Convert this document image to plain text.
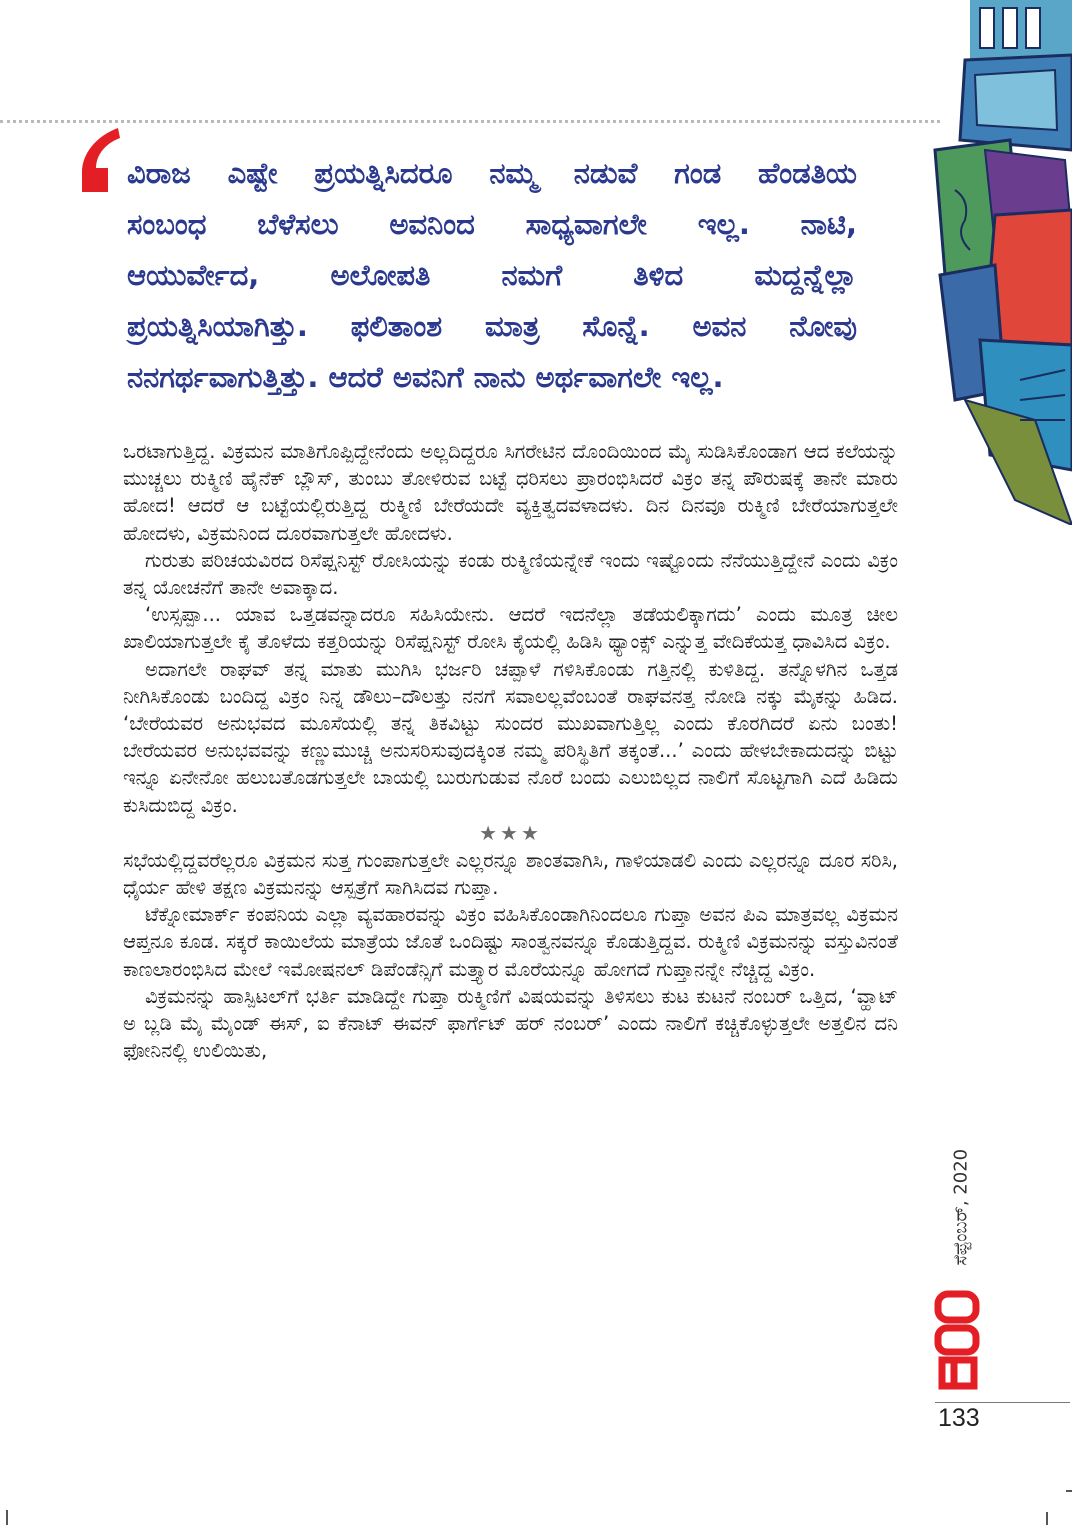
ವಿರಾಜ ಎಷ್ಟೇ ಪ್ರಯತ್ನಿಸಿದರೂ ನಮ್ಮ ನಡುವೆ ಗಂಡ ಹೆಂಡತಿಯ
ಸಂಬಂಧ ಬೆಳೆಸಲು ಅವನಿಂದ ಸಾಧ್ಯವಾಗಲೇ ಇಲ್ಲ. ನಾಟಿ,
ಆಯುರ್ವೇದ, ಅಲೋಪತಿ ನಮಗೆ ತಿಳಿದ ಮದ್ದನ್ನೆಲ್ಲಾ
ಪ್ರಯತ್ನಿಸಿಯಾಗಿತ್ತು. ಫಲಿತಾಂಶ ಮಾತ್ರ ಸೊನ್ನೆ. ಅವನ ನೋವು
ನನಗರ್ಥವಾಗುತ್ತಿತ್ತು. ಆದರೆ ಅವನಿಗೆ ನಾನು ಅರ್ಥವಾಗಲೇ ಇಲ್ಲ.

ಒರಟಾಗುತ್ತಿದ್ದ. ವಿಕ್ರಮನ ಮಾತಿಗೊಪ್ಪಿದ್ದೇನೆಂದು ಅಲ್ಲದಿದ್ದರೂ ಸಿಗರೇಟಿನ ದೊಂದಿಯಿಂದ ಮೈ ಸುಡಿಸಿಕೊಂಡಾಗ ಆದ ಕಲೆಯನ್ನು ಮುಚ್ಚಲು ರುಕ್ಮಿಣಿ ಹೈನೆಕ್ ಬ್ಲೌಸ್, ತುಂಬು ತೋಳಿರುವ ಬಟ್ಟೆ ಧರಿಸಲು ಪ್ರಾರಂಭಿಸಿದರೆ ವಿಕ್ರಂ ತನ್ನ ಪೌರುಷಕ್ಕೆ ತಾನೇ ಮಾರು ಹೋದ! ಆದರೆ ಆ ಬಟ್ಟೆಯಲ್ಲಿರುತ್ತಿದ್ದ ರುಕ್ಮಿಣಿ ಬೇರೆಯದೇ ವ್ಯಕ್ತಿತ್ವದವಳಾದಳು. ದಿನ ದಿನವೂ ರುಕ್ಮಿಣಿ ಬೇರೆಯಾಗುತ್ತಲೇ ಹೋದಳು, ವಿಕ್ರಮನಿಂದ ದೂರವಾಗುತ್ತಲೇ ಹೋದಳು.

ಗುರುತು ಪರಿಚಯವಿರದ ರಿಸೆಪ್ಷನಿಸ್ಟ್ ರೋಸಿಯನ್ನು ಕಂಡು ರುಕ್ಮಿಣಿಯನ್ನೇಕೆ ಇಂದು ಇಷ್ಟೊಂದು ನೆನೆಯುತ್ತಿದ್ದೇನೆ ಎಂದು ವಿಕ್ರಂ ತನ್ನ ಯೋಚನೆಗೆ ತಾನೇ ಅವಾಕ್ಕಾದ.

‘ಉಸ್ಸಪ್ಪಾ... ಯಾವ ಒತ್ತಡವನ್ನಾದರೂ ಸಹಿಸಿಯೇನು. ಆದರೆ ಇದನೆಲ್ಲಾ ತಡೆಯಲಿಕ್ಕಾಗದು’ ಎಂದು ಮೂತ್ರ ಚೀಲ ಖಾಲಿಯಾಗುತ್ತಲೇ ಕೈ ತೊಳೆದು ಕತ್ತರಿಯನ್ನು ರಿಸೆಪ್ಷನಿಸ್ಟ್ ರೋಸಿ ಕೈಯಲ್ಲಿ ಹಿಡಿಸಿ ಥ್ಯಾಂಕ್ಸ್ ಎನ್ನುತ್ತ ವೇದಿಕೆಯತ್ತ ಧಾವಿಸಿದ ವಿಕ್ರಂ.

ಅದಾಗಲೇ ರಾಘವ್ ತನ್ನ ಮಾತು ಮುಗಿಸಿ ಭರ್ಜರಿ ಚಪ್ಪಾಳೆ ಗಳಿಸಿಕೊಂಡು ಗತ್ತಿನಲ್ಲಿ ಕುಳಿತಿದ್ದ. ತನ್ನೊಳಗಿನ ಒತ್ತಡ ನೀಗಿಸಿಕೊಂಡು ಬಂದಿದ್ದ ವಿಕ್ರಂ ನಿನ್ನ ಡೌಲು–ದೌಲತ್ತು ನನಗೆ ಸವಾಲಲ್ಲವೆಂಬಂತೆ ರಾಘವನತ್ತ ನೋಡಿ ನಕ್ಕು ಮೈಕನ್ನು ಹಿಡಿದ. ‘ಬೇರೆಯವರ ಅನುಭವದ ಮೂಸೆಯಲ್ಲಿ ತನ್ನ ತಿಕವಿಟ್ಟು ಸುಂದರ ಮುಖವಾಗುತ್ತಿಲ್ಲ ಎಂದು ಕೊರಗಿದರೆ ಏನು ಬಂತು! ಬೇರೆಯವರ ಅನುಭವವನ್ನು ಕಣ್ಣುಮುಚ್ಚಿ ಅನುಸರಿಸುವುದಕ್ಕಿಂತ ನಮ್ಮ ಪರಿಸ್ಥಿತಿಗೆ ತಕ್ಕಂತೆ...’ ಎಂದು ಹೇಳಬೇಕಾದುದನ್ನು ಬಿಟ್ಟು ಇನ್ನೂ ಏನೇನೋ ಹಲುಬತೊಡಗುತ್ತಲೇ ಬಾಯಲ್ಲಿ ಬುರುಗುಡುವ ನೊರೆ ಬಂದು ಎಲುಬಿಲ್ಲದ ನಾಲಿಗೆ ಸೊಟ್ಟಗಾಗಿ ಎದೆ ಹಿಡಿದು ಕುಸಿದುಬಿದ್ದ ವಿಕ್ರಂ.

★★★

ಸಭೆಯಲ್ಲಿದ್ದವರೆಲ್ಲರೂ ವಿಕ್ರಮನ ಸುತ್ತ ಗುಂಪಾಗುತ್ತಲೇ ಎಲ್ಲರನ್ನೂ ಶಾಂತವಾಗಿಸಿ, ಗಾಳಿಯಾಡಲಿ ಎಂದು ಎಲ್ಲರನ್ನೂ ದೂರ ಸರಿಸಿ, ಧೈರ್ಯ ಹೇಳಿ ತಕ್ಷಣ ವಿಕ್ರಮನನ್ನು ಆಸ್ಪತ್ರೆಗೆ ಸಾಗಿಸಿದವ ಗುಪ್ತಾ.

ಟೆಕ್ನೋಮಾರ್ಕ್ ಕಂಪನಿಯ ಎಲ್ಲಾ ವ್ಯವಹಾರವನ್ನು ವಿಕ್ರಂ ವಹಿಸಿಕೊಂಡಾಗಿನಿಂದಲೂ ಗುಪ್ತಾ ಅವನ ಪಿಎ ಮಾತ್ರವಲ್ಲ ವಿಕ್ರಮನ ಆಪ್ತನೂ ಕೂಡ. ಸಕ್ಕರೆ ಕಾಯಿಲೆಯ ಮಾತ್ರೆಯ ಜೊತೆ ಒಂದಿಷ್ಟು ಸಾಂತ್ವನವನ್ನೂ ಕೊಡುತ್ತಿದ್ದವ. ರುಕ್ಮಿಣಿ ವಿಕ್ರಮನನ್ನು ವಸ್ತುವಿನಂತೆ ಕಾಣಲಾರಂಭಿಸಿದ ಮೇಲೆ ಇಮೋಷನಲ್ ಡಿಪೆಂಡೆನ್ಸಿಗೆ ಮತ್ತ್ಯಾರ ಮೊರೆಯನ್ನೂ ಹೋಗದೆ ಗುಪ್ತಾನನ್ನೇ ನೆಚ್ಚಿದ್ದ ವಿಕ್ರಂ.

ವಿಕ್ರಮನನ್ನು ಹಾಸ್ಪಿಟಲ್‌ಗೆ ಭರ್ತಿ ಮಾಡಿದ್ದೇ ಗುಪ್ತಾ ರುಕ್ಮಿಣಿಗೆ ವಿಷಯವನ್ನು ತಿಳಿಸಲು ಕುಟ ಕುಟನೆ ನಂಬರ್ ಒತ್ತಿದ, ‘ವ್ಹಾಟ್ ಅ ಬ್ಲಡಿ ಮೈ ಮೈಂಡ್ ಈಸ್, ಐ ಕೆನಾಟ್ ಈವನ್ ಫಾರ್ಗೆಟ್ ಹರ್ ನಂಬರ್’ ಎಂದು ನಾಲಿಗೆ ಕಚ್ಚಿಕೊಳ್ಳುತ್ತಲೇ ಅತ್ತಲಿನ ದನಿ ಫೋನಿನಲ್ಲಿ ಉಲಿಯಿತು,

ಸೆಪ್ಟೆಂಬರ್, 2020
133
